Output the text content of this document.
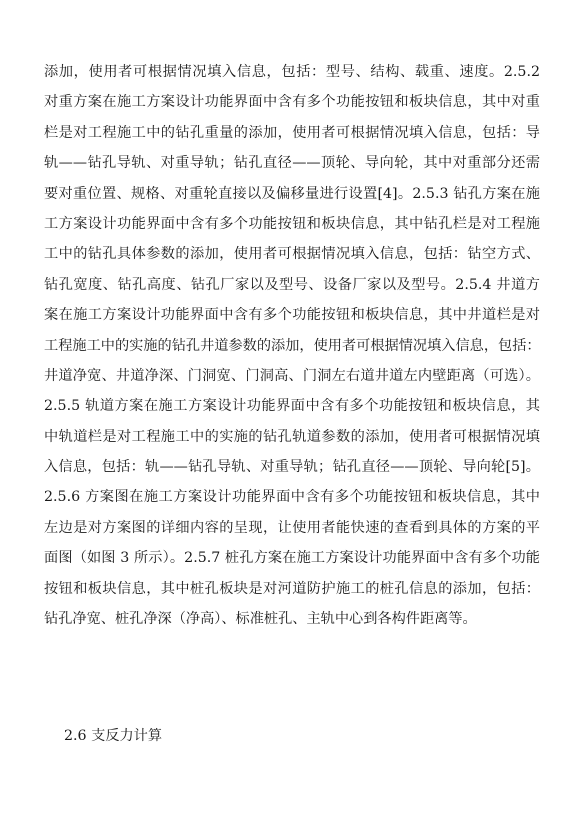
添加，使用者可根据情况填入信息，包括：型号、结构、载重、速度。2.5.2
对重方案在施工方案设计功能界面中含有多个功能按钮和板块信息，其中对重
栏是对工程施工中的钻孔重量的添加，使用者可根据情况填入信息，包括：导
轨——钻孔导轨、对重导轨；钻孔直径——顶轮、导向轮，其中对重部分还需
要对重位置、规格、对重轮直接以及偏移量进行设置[4]。2.5.3 钻孔方案在施
工方案设计功能界面中含有多个功能按钮和板块信息，其中钻孔栏是对工程施
工中的钻孔具体参数的添加，使用者可根据情况填入信息，包括：钻空方式、
钻孔宽度、钻孔高度、钻孔厂家以及型号、设备厂家以及型号。2.5.4 井道方
案在施工方案设计功能界面中含有多个功能按钮和板块信息，其中井道栏是对
工程施工中的实施的钻孔井道参数的添加，使用者可根据情况填入信息，包括：
井道净宽、井道净深、门洞宽、门洞高、门洞左右道井道左内壁距离（可选）。
2.5.5 轨道方案在施工方案设计功能界面中含有多个功能按钮和板块信息，其
中轨道栏是对工程施工中的实施的钻孔轨道参数的添加，使用者可根据情况填
入信息，包括：轨——钻孔导轨、对重导轨；钻孔直径——顶轮、导向轮[5]。
2.5.6 方案图在施工方案设计功能界面中含有多个功能按钮和板块信息，其中
左边是对方案图的详细内容的呈现，让使用者能快速的查看到具体的方案的平
面图（如图 3 所示）。2.5.7 桩孔方案在施工方案设计功能界面中含有多个功能
按钮和板块信息，其中桩孔板块是对河道防护施工的桩孔信息的添加，包括：
钻孔净宽、桩孔净深（净高）、标准桩孔、主轨中心到各构件距离等。
2.6 支反力计算
